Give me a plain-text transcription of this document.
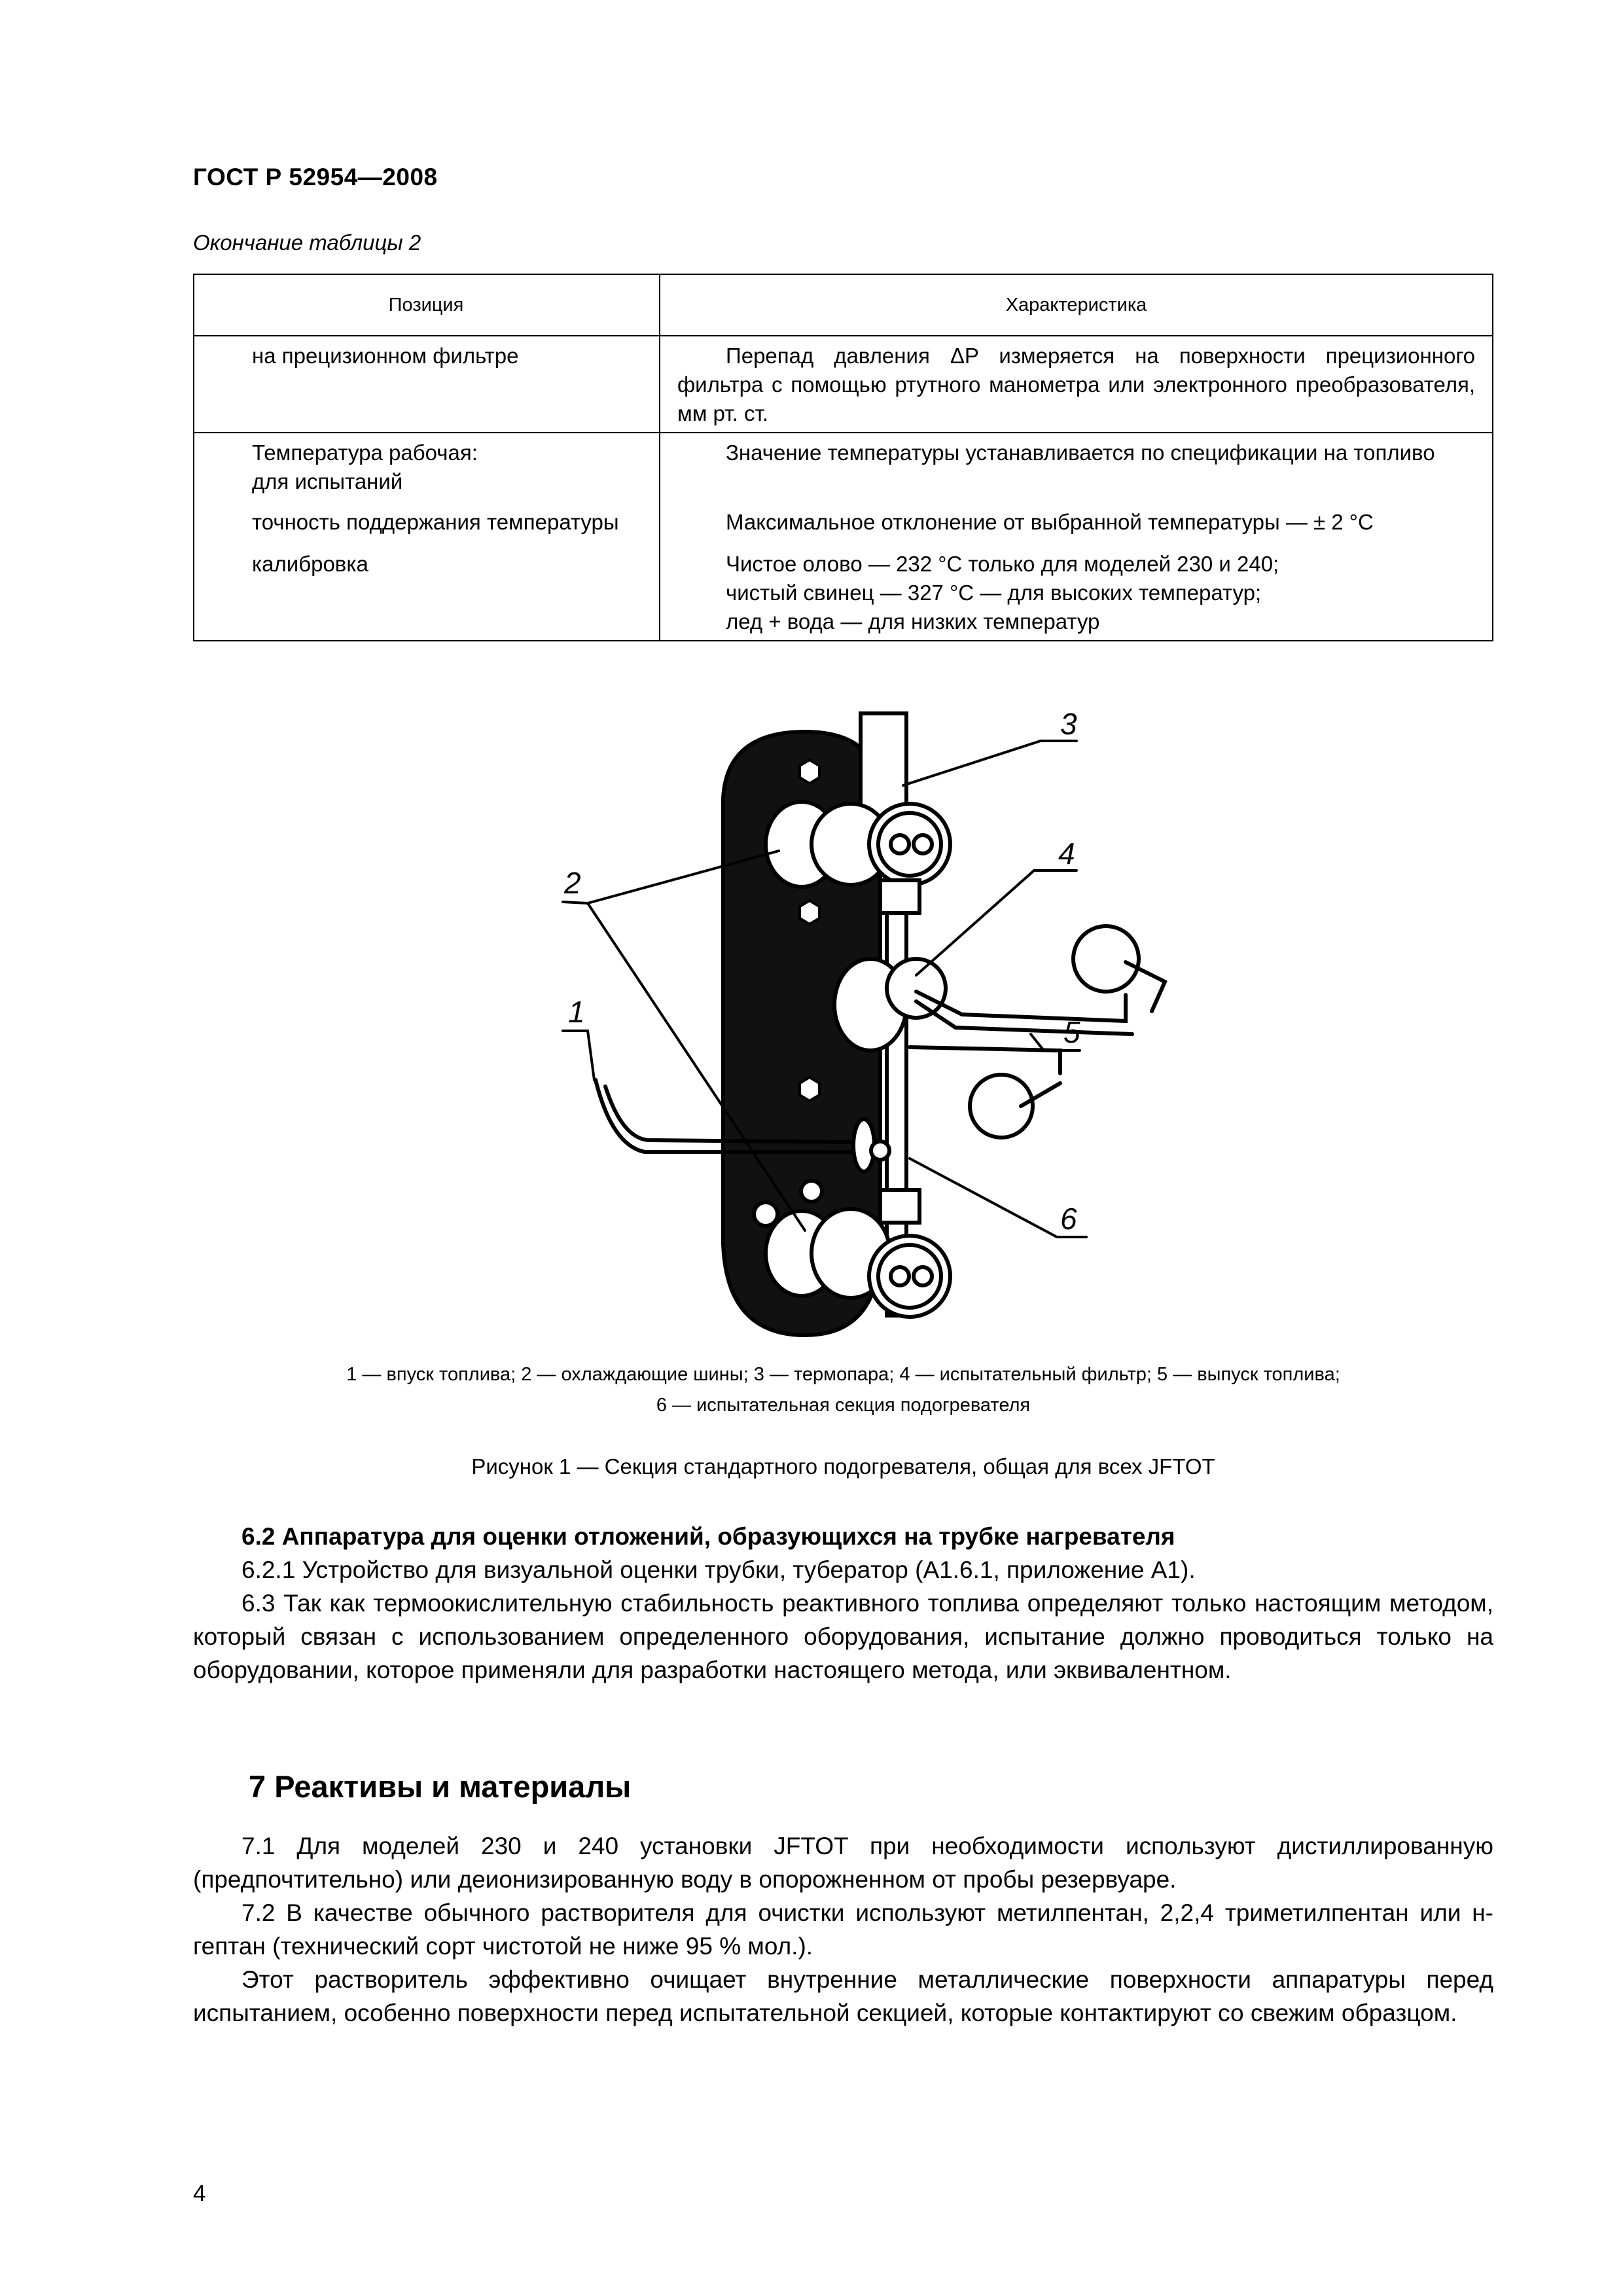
ГОСТ Р 52954—2008
Окончание таблицы 2
Позиция	Характеристика

на прецизионном фильтре	Перепад давления ΔP измеряется на поверхности прецизионного фильтра с помощью ртутного манометра или электронного преобразователя, мм рт. ст.

Температура рабочая:
для испытаний	Значение температуры устанавливается по спецификации на топливо

точность поддержания температуры	Максимальное отклонение от выбранной температуры — ± 2 °С

калибровка	Чистое олово — 232 °С только для моделей 230 и 240;
чистый свинец — 327 °С — для высоких температур;
лед + вода — для низких температур
3
4
2
1
5
6
1 — впуск топлива; 2 — охлаждающие шины; 3 — термопара; 4 — испытательный фильтр; 5 — выпуск топлива;
6 — испытательная секция подогревателя
Рисунок 1 — Секция стандартного подогревателя, общая для всех JFTOT
6.2 Аппаратура для оценки отложений, образующихся на трубке нагревателя
6.2.1 Устройство для визуальной оценки трубки, туберaтор (А1.6.1, приложение А1).
6.3 Так как термоокислительную стабильность реактивного топлива определяют только настоящим методом, который связан с использованием определенного оборудования, испытание должно проводиться только на оборудовании, которое применяли для разработки настоящего метода, или эквивалентном.
7 Реактивы и материалы
7.1 Для моделей 230 и 240 установки JFTOT при необходимости используют дистиллированную (предпочтительно) или деионизированную воду в опорожненном от пробы резервуаре.
7.2 В качестве обычного растворителя для очистки используют метилпентан, 2,2,4 триметилпентан или н-гептан (технический сорт чистотой не ниже 95 % мол.).
Этот растворитель эффективно очищает внутренние металлические поверхности аппаратуры перед испытанием, особенно поверхности перед испытательной секцией, которые контактируют со свежим образцом.
4
